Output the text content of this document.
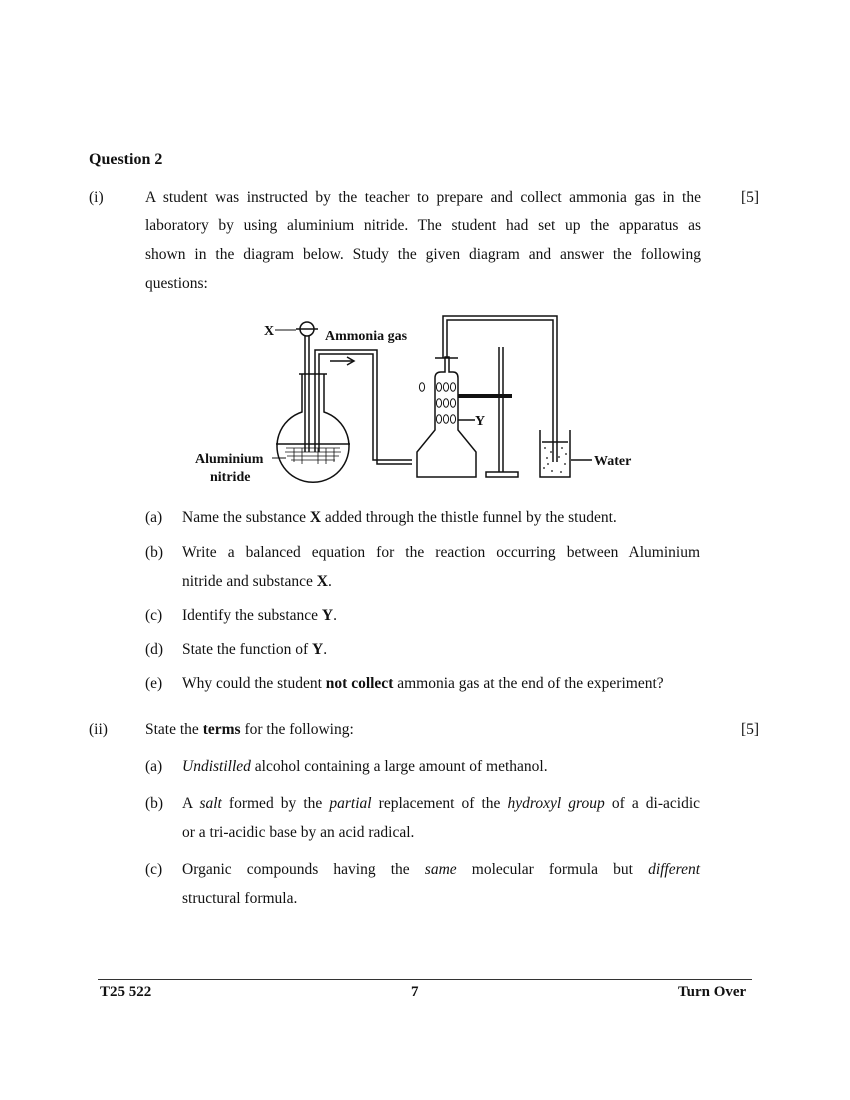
Question 2
(i)	[5]
A student was instructed by the teacher to prepare and collect ammonia gas in the
laboratory by using aluminium nitride. The student had set up the apparatus as
shown in the diagram below. Study the given diagram and answer the following
questions:
X	Ammonia gas
Y
Aluminium
nitride
Water
(a) Name the substance X added through the thistle funnel by the student.
(b) Write a balanced equation for the reaction occurring between Aluminium
nitride and substance X.
(c) Identify the substance Y.
(d) State the function of Y.
(e) Why could the student not collect ammonia gas at the end of the experiment?
(ii)	[5]
State the terms for the following:
(a) Undistilled alcohol containing a large amount of methanol.
(b) A salt formed by the partial replacement of the hydroxyl group of a di-acidic
or a tri-acidic base by an acid radical.
(c) Organic compounds having the same molecular formula but different
structural formula.
T25 522	7	Turn Over
